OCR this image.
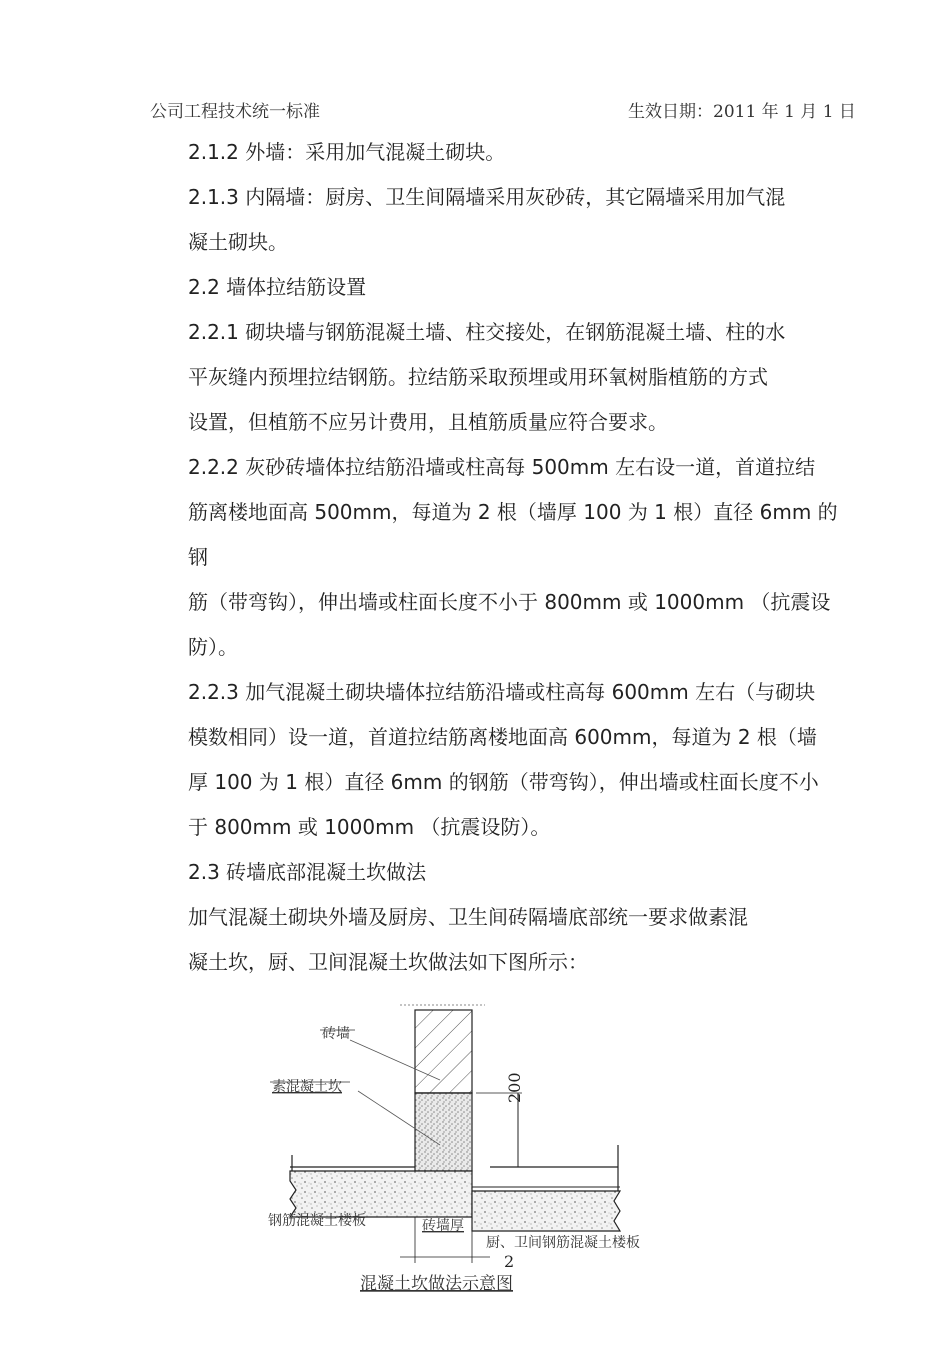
公司工程技术统一标准	生效日期：2011 年 1 月 1 日
2.1.2 外墙：采用加气混凝土砌块。
2.1.3 内隔墙：厨房、卫生间隔墙采用灰砂砖，其它隔墙采用加气混
凝土砌块。
2.2 墙体拉结筋设置
2.2.1 砌块墙与钢筋混凝土墙、柱交接处，在钢筋混凝土墙、柱的水
平灰缝内预埋拉结钢筋。拉结筋采取预埋或用环氧树脂植筋的方式
设置，但植筋不应另计费用，且植筋质量应符合要求。
2.2.2 灰砂砖墙体拉结筋沿墙或柱高每 500mm 左右设一道，首道拉结
筋离楼地面高 500mm，每道为 2 根（墙厚 100 为 1 根）直径 6mm 的
钢
筋（带弯钩），伸出墙或柱面长度不小于 800mm 或 1000mm （抗震设
防）。
2.2.3 加气混凝土砌块墙体拉结筋沿墙或柱高每 600mm 左右（与砌块
模数相同）设一道，首道拉结筋离楼地面高 600mm，每道为 2 根（墙
厚 100 为 1 根）直径 6mm 的钢筋（带弯钩），伸出墙或柱面长度不小
于 800mm 或 1000mm （抗震设防）。
2.3 砖墙底部混凝土坎做法
加气混凝土砌块外墙及厨房、卫生间砖隔墙底部统一要求做素混
凝土坎，厨、卫间混凝土坎做法如下图所示：
200
砖墙
素混凝土坎
钢筋混凝土楼板	砖墙厚
厨、卫间钢筋混凝土楼板
2
混凝土坎做法示意图
